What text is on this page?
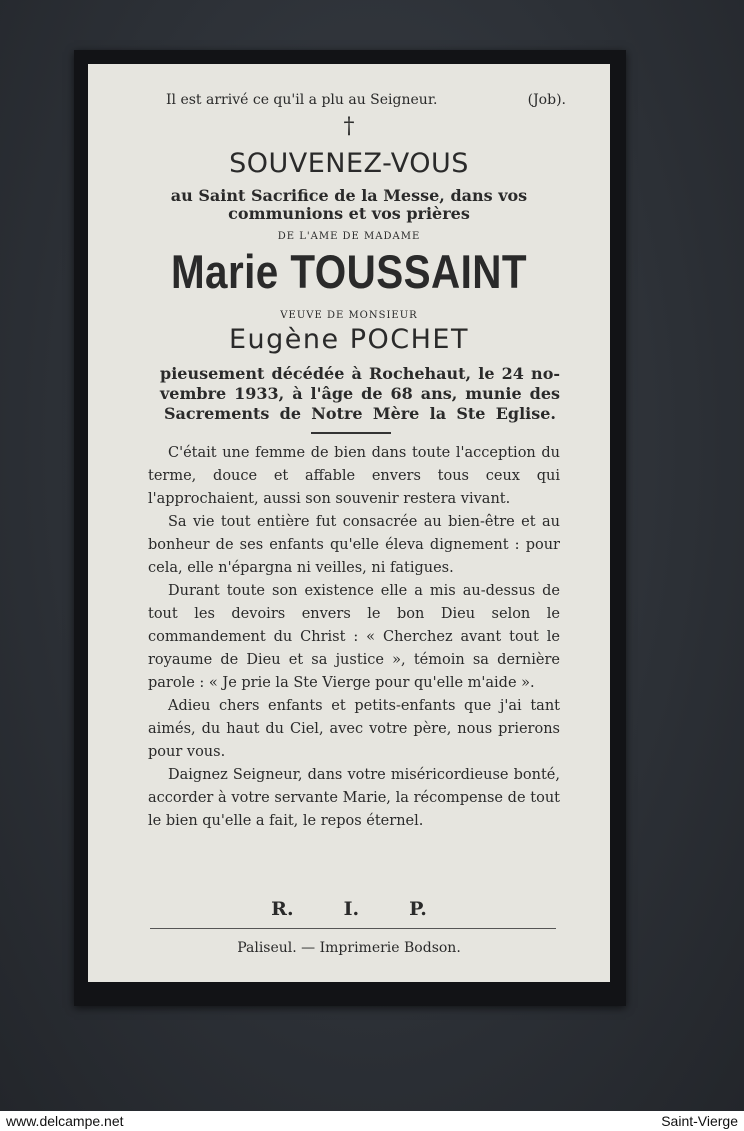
Il est arrivé ce qu'il a plu au Seigneur.	(Job).
†
SOUVENEZ-VOUS
au Saint Sacrifice de la Messe, dans vos
communions et vos prières
DE L'AME DE MADAME
Marie TOUSSAINT
VEUVE DE MONSIEUR
Eugène POCHET
pieusement décédée à Rochehaut, le 24 no-
vembre 1933, à l'âge de 68 ans, munie des
Sacrements de Notre Mère la Ste Eglise.

C'était une femme de bien dans toute l'acception du terme, douce et affable envers tous ceux qui l'approchaient, aussi son souvenir restera vivant.

Sa vie tout entière fut consacrée au bien-être et au bonheur de ses enfants qu'elle éleva dignement : pour cela, elle n'épargna ni veilles, ni fatigues.

Durant toute son existence elle a mis au-dessus de tout les devoirs envers le bon Dieu selon le commandement du Christ : « Cherchez avant tout le royaume de Dieu et sa justice », témoin sa dernière parole : « Je prie la Ste Vierge pour qu'elle m'aide ».

Adieu chers enfants et petits-enfants que j'ai tant aimés, du haut du Ciel, avec votre père, nous prierons pour vous.

Daignez Seigneur, dans votre miséricordieuse bonté, accorder à votre servante Marie, la récompense de tout le bien qu'elle a fait, le repos éternel.

R.	I.	P.
Paliseul. — Imprimerie Bodson.
www.delcampe.net	Saint-Vierge
